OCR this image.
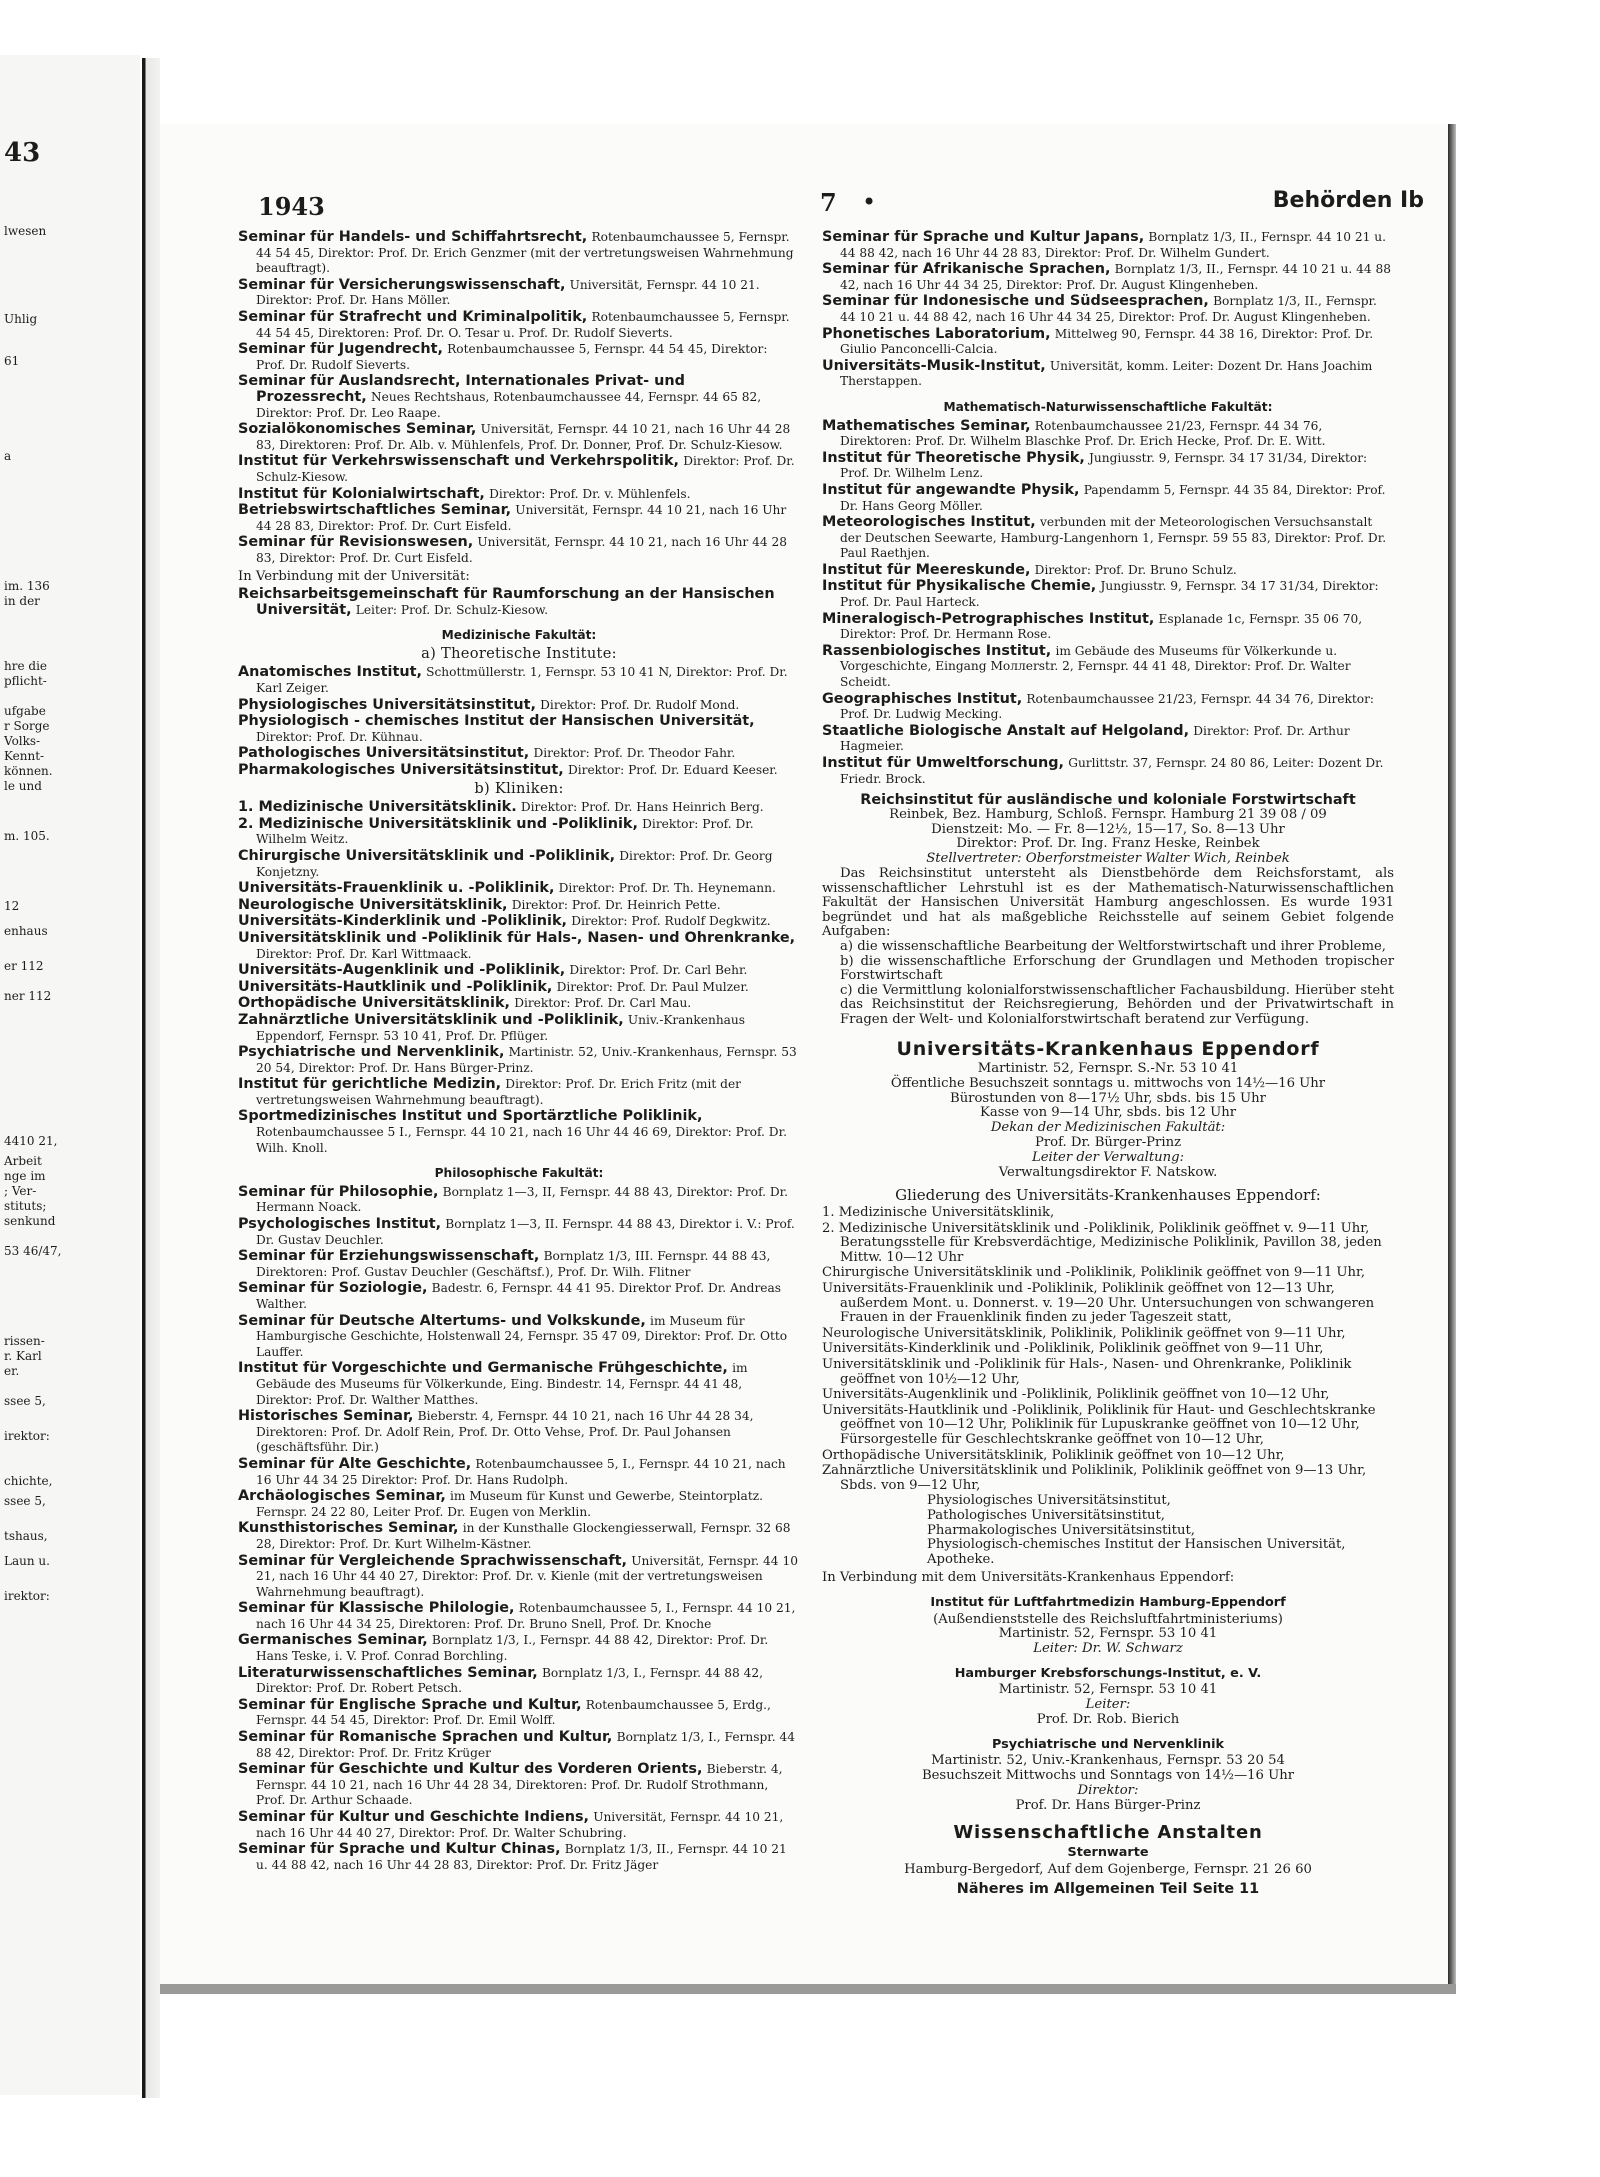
43
lwesen
Uhlig
61
a
im. 136
in der
hre die
pflicht-
ufgabe
r Sorge
Volks-
Kennt-
können.
le und
m. 105.
12
enhaus
er 112
ner 112
4410 21,
Arbeit
nge im
; Ver-
stituts;
senkund
53 46/47,
rissen-
r. Karl
er.
ssee 5,
irektor:
chichte,
ssee 5,
tshaus,
Laun u.
irektor:
1943	7 •	Behörden Ib

Seminar für Handels- und Schiffahrtsrecht, Rotenbaumchaussee 5, Fernspr. 44 54 45, Direktor: Prof. Dr. Erich Genzmer (mit der vertretungsweisen Wahrnehmung beauftragt).

Seminar für Versicherungswissenschaft, Universität, Fernspr. 44 10 21. Direktor: Prof. Dr. Hans Möller.

Seminar für Strafrecht und Kriminalpolitik, Rotenbaumchaussee 5, Fernspr. 44 54 45, Direktoren: Prof. Dr. O. Tesar u. Prof. Dr. Rudolf Sieverts.

Seminar für Jugendrecht, Rotenbaumchaussee 5, Fernspr. 44 54 45, Direktor: Prof. Dr. Rudolf Sieverts.

Seminar für Auslandsrecht, Internationales Privat- und Prozessrecht, Neues Rechtshaus, Rotenbaumchaussee 44, Fernspr. 44 65 82, Direktor: Prof. Dr. Leo Raape.

Sozialökonomisches Seminar, Universität, Fernspr. 44 10 21, nach 16 Uhr 44 28 83, Direktoren: Prof. Dr. Alb. v. Mühlenfels, Prof. Dr. Donner, Prof. Dr. Schulz-Kiesow.

Institut für Verkehrswissenschaft und Verkehrspolitik, Direktor: Prof. Dr. Schulz-Kiesow.

Institut für Kolonialwirtschaft, Direktor: Prof. Dr. v. Mühlenfels.

Betriebswirtschaftliches Seminar, Universität, Fernspr. 44 10 21, nach 16 Uhr 44 28 83, Direktor: Prof. Dr. Curt Eisfeld.

Seminar für Revisionswesen, Universität, Fernspr. 44 10 21, nach 16 Uhr 44 28 83, Direktor: Prof. Dr. Curt Eisfeld.

In Verbindung mit der Universität:

Reichsarbeitsgemeinschaft für Raumforschung an der Hansischen Universität, Leiter: Prof. Dr. Schulz-Kiesow.

Medizinische Fakultät:
a) Theoretische Institute:

Anatomisches Institut, Schottmüllerstr. 1, Fernspr. 53 10 41 N, Direktor: Prof. Dr. Karl Zeiger.

Physiologisches Universitätsinstitut, Direktor: Prof. Dr. Rudolf Mond.

Physiologisch - chemisches Institut der Hansischen Universität, Direktor: Prof. Dr. Kühnau.

Pathologisches Universitätsinstitut, Direktor: Prof. Dr. Theodor Fahr.

Pharmakologisches Universitätsinstitut, Direktor: Prof. Dr. Eduard Keeser.

b) Kliniken:

1. Medizinische Universitätsklinik. Direktor: Prof. Dr. Hans Heinrich Berg.

2. Medizinische Universitätsklinik und -Poliklinik, Direktor: Prof. Dr. Wilhelm Weitz.

Chirurgische Universitätsklinik und -Poliklinik, Direktor: Prof. Dr. Georg Konjetzny.

Universitäts-Frauenklinik u. -Poliklinik, Direktor: Prof. Dr. Th. Heynemann.

Neurologische Universitätsklinik, Direktor: Prof. Dr. Heinrich Pette.

Universitäts-Kinderklinik und -Poliklinik, Direktor: Prof. Rudolf Degkwitz.

Universitätsklinik und -Poliklinik für Hals-, Nasen- und Ohrenkranke, Direktor: Prof. Dr. Karl Wittmaack.

Universitäts-Augenklinik und -Poliklinik, Direktor: Prof. Dr. Carl Behr.

Universitäts-Hautklinik und -Poliklinik, Direktor: Prof. Dr. Paul Mulzer.

Orthopädische Universitätsklinik, Direktor: Prof. Dr. Carl Mau.

Zahnärztliche Universitätsklinik und -Poliklinik, Univ.-Krankenhaus Eppendorf, Fernspr. 53 10 41, Prof. Dr. Pflüger.

Psychiatrische und Nervenklinik, Martinistr. 52, Univ.-Krankenhaus, Fernspr. 53 20 54, Direktor: Prof. Dr. Hans Bürger-Prinz.

Institut für gerichtliche Medizin, Direktor: Prof. Dr. Erich Fritz (mit der vertretungsweisen Wahrnehmung beauftragt).

Sportmedizinisches Institut und Sportärztliche Poliklinik, Rotenbaumchaussee 5 I., Fernspr. 44 10 21, nach 16 Uhr 44 46 69, Direktor: Prof. Dr. Wilh. Knoll.

Philosophische Fakultät:

Seminar für Philosophie, Bornplatz 1—3, II, Fernspr. 44 88 43, Direktor: Prof. Dr. Hermann Noack.

Psychologisches Institut, Bornplatz 1—3, II. Fernspr. 44 88 43, Direktor i. V.: Prof. Dr. Gustav Deuchler.

Seminar für Erziehungswissenschaft, Bornplatz 1/3, III. Fernspr. 44 88 43, Direktoren: Prof. Gustav Deuchler (Geschäftsf.), Prof. Dr. Wilh. Flitner

Seminar für Soziologie, Badestr. 6, Fernspr. 44 41 95. Direktor Prof. Dr. Andreas Walther.

Seminar für Deutsche Altertums- und Volkskunde, im Museum für Hamburgische Geschichte, Holstenwall 24, Fernspr. 35 47 09, Direktor: Prof. Dr. Otto Lauffer.

Institut für Vorgeschichte und Germanische Frühgeschichte, im Gebäude des Museums für Völkerkunde, Eing. Bindestr. 14, Fernspr. 44 41 48, Direktor: Prof. Dr. Walther Matthes.

Historisches Seminar, Bieberstr. 4, Fernspr. 44 10 21, nach 16 Uhr 44 28 34, Direktoren: Prof. Dr. Adolf Rein, Prof. Dr. Otto Vehse, Prof. Dr. Paul Johansen (geschäftsführ. Dir.)

Seminar für Alte Geschichte, Rotenbaumchaussee 5, I., Fernspr. 44 10 21, nach 16 Uhr 44 34 25 Direktor: Prof. Dr. Hans Rudolph.

Archäologisches Seminar, im Museum für Kunst und Gewerbe, Steintorplatz. Fernspr. 24 22 80, Leiter Prof. Dr. Eugen von Merklin.

Kunsthistorisches Seminar, in der Kunsthalle Glockengiesserwall, Fernspr. 32 68 28, Direktor: Prof. Dr. Kurt Wilhelm-Kästner.

Seminar für Vergleichende Sprachwissenschaft, Universität, Fernspr. 44 10 21, nach 16 Uhr 44 40 27, Direktor: Prof. Dr. v. Kienle (mit der vertretungsweisen Wahrnehmung beauftragt).

Seminar für Klassische Philologie, Rotenbaumchaussee 5, I., Fernspr. 44 10 21, nach 16 Uhr 44 34 25, Direktoren: Prof. Dr. Bruno Snell, Prof. Dr. Knoche

Germanisches Seminar, Bornplatz 1/3, I., Fernspr. 44 88 42, Direktor: Prof. Dr. Hans Teske, i. V. Prof. Conrad Borchling.

Literaturwissenschaftliches Seminar, Bornplatz 1/3, I., Fernspr. 44 88 42, Direktor: Prof. Dr. Robert Petsch.

Seminar für Englische Sprache und Kultur, Rotenbaumchaussee 5, Erdg., Fernspr. 44 54 45, Direktor: Prof. Dr. Emil Wolff.

Seminar für Romanische Sprachen und Kultur, Bornplatz 1/3, I., Fernspr. 44 88 42, Direktor: Prof. Dr. Fritz Krüger

Seminar für Geschichte und Kultur des Vorderen Orients, Bieberstr. 4, Fernspr. 44 10 21, nach 16 Uhr 44 28 34, Direktoren: Prof. Dr. Rudolf Strothmann, Prof. Dr. Arthur Schaade.

Seminar für Kultur und Geschichte Indiens, Universität, Fernspr. 44 10 21, nach 16 Uhr 44 40 27, Direktor: Prof. Dr. Walter Schubring.

Seminar für Sprache und Kultur Chinas, Bornplatz 1/3, II., Fernspr. 44 10 21 u. 44 88 42, nach 16 Uhr 44 28 83, Direktor: Prof. Dr. Fritz Jäger

Seminar für Sprache und Kultur Japans, Bornplatz 1/3, II., Fernspr. 44 10 21 u. 44 88 42, nach 16 Uhr 44 28 83, Direktor: Prof. Dr. Wilhelm Gundert.

Seminar für Afrikanische Sprachen, Bornplatz 1/3, II., Fernspr. 44 10 21 u. 44 88 42, nach 16 Uhr 44 34 25, Direktor: Prof. Dr. August Klingenheben.

Seminar für Indonesische und Südseesprachen, Bornplatz 1/3, II., Fernspr. 44 10 21 u. 44 88 42, nach 16 Uhr 44 34 25, Direktor: Prof. Dr. August Klingenheben.

Phonetisches Laboratorium, Mittelweg 90, Fernspr. 44 38 16, Direktor: Prof. Dr. Giulio Panconcelli-Calcia.

Universitäts-Musik-Institut, Universität, komm. Leiter: Dozent Dr. Hans Joachim Therstappen.

Mathematisch-Naturwissenschaftliche Fakultät:

Mathematisches Seminar, Rotenbaumchaussee 21/23, Fernspr. 44 34 76, Direktoren: Prof. Dr. Wilhelm Blaschke Prof. Dr. Erich Hecke, Prof. Dr. E. Witt.

Institut für Theoretische Physik, Jungiusstr. 9, Fernspr. 34 17 31/34, Direktor: Prof. Dr. Wilhelm Lenz.

Institut für angewandte Physik, Papendamm 5, Fernspr. 44 35 84, Direktor: Prof. Dr. Hans Georg Möller.

Meteorologisches Institut, verbunden mit der Meteorologischen Versuchsanstalt der Deutschen Seewarte, Hamburg-Langenhorn 1, Fernspr. 59 55 83, Direktor: Prof. Dr. Paul Raethjen.

Institut für Meereskunde, Direktor: Prof. Dr. Bruno Schulz.

Institut für Physikalische Chemie, Jungiusstr. 9, Fernspr. 34 17 31/34, Direktor: Prof. Dr. Paul Harteck.

Mineralogisch-Petrographisches Institut, Esplanade 1c, Fernspr. 35 06 70, Direktor: Prof. Dr. Hermann Rose.

Rassenbiologisches Institut, im Gebäude des Museums für Völkerkunde u. Vorgeschichte, Eingang Moллerstr. 2, Fernspr. 44 41 48, Direktor: Prof. Dr. Walter Scheidt.

Geographisches Institut, Rotenbaumchaussee 21/23, Fernspr. 44 34 76, Direktor: Prof. Dr. Ludwig Mecking.

Staatliche Biologische Anstalt auf Helgoland, Direktor: Prof. Dr. Arthur Hagmeier.

Institut für Umweltforschung, Gurlittstr. 37, Fernspr. 24 80 86, Leiter: Dozent Dr. Friedr. Brock.

Reichsinstitut für ausländische und koloniale Forstwirtschaft
Reinbek, Bez. Hamburg, Schloß. Fernspr. Hamburg 21 39 08 / 09
Dienstzeit: Mo. — Fr. 8—12½, 15—17, So. 8—13 Uhr
Direktor: Prof. Dr. Ing. Franz Heske, Reinbek
Stellvertreter: Oberforstmeister Walter Wich, Reinbek
Das Reichsinstitut untersteht als Dienstbehörde dem Reichsforstamt, als wissenschaftlicher Lehrstuhl ist es der Mathematisch-Naturwissenschaftlichen Fakultät der Hansischen Universität Hamburg angeschlossen. Es wurde 1931 begründet und hat als maßgebliche Reichsstelle auf seinem Gebiet folgende Aufgaben:
a) die wissenschaftliche Bearbeitung der Weltforstwirtschaft und ihrer Probleme,
b) die wissenschaftliche Erforschung der Grundlagen und Methoden tropischer Forstwirtschaft
c) die Vermittlung kolonialforstwissenschaftlicher Fachausbildung. Hierüber steht das Reichsinstitut der Reichsregierung, Behörden und der Privatwirtschaft in Fragen der Welt- und Kolonialforstwirtschaft beratend zur Verfügung.
Universitäts-Krankenhaus Eppendorf
Martinistr. 52, Fernspr. S.-Nr. 53 10 41
Öffentliche Besuchszeit sonntags u. mittwochs von 14½—16 Uhr
Bürostunden von 8—17½ Uhr, sbds. bis 15 Uhr
Kasse von 9—14 Uhr, sbds. bis 12 Uhr
Dekan der Medizinischen Fakultät:
Prof. Dr. Bürger-Prinz
Leiter der Verwaltung:
Verwaltungsdirektor F. Natskow.
Gliederung des Universitäts-Krankenhauses Eppendorf:
1. Medizinische Universitätsklinik,
2. Medizinische Universitätsklinik und -Poliklinik, Poliklinik geöffnet v. 9—11 Uhr, Beratungsstelle für Krebsverdächtige, Medizinische Poliklinik, Pavillon 38, jeden Mittw. 10—12 Uhr
Chirurgische Universitätsklinik und -Poliklinik, Poliklinik geöffnet von 9—11 Uhr,
Universitäts-Frauenklinik und -Poliklinik, Poliklinik geöffnet von 12—13 Uhr, außerdem Mont. u. Donnerst. v. 19—20 Uhr. Untersuchungen von schwangeren Frauen in der Frauenklinik finden zu jeder Tageszeit statt,
Neurologische Universitätsklinik, Poliklinik, Poliklinik geöffnet von 9—11 Uhr,
Universitäts-Kinderklinik und -Poliklinik, Poliklinik geöffnet von 9—11 Uhr,
Universitätsklinik und -Poliklinik für Hals-, Nasen- und Ohrenkranke, Poliklinik geöffnet von 10½—12 Uhr,
Universitäts-Augenklinik und -Poliklinik, Poliklinik geöffnet von 10—12 Uhr,
Universitäts-Hautklinik und -Poliklinik, Poliklinik für Haut- und Geschlechtskranke geöffnet von 10—12 Uhr, Poliklinik für Lupuskranke geöffnet von 10—12 Uhr, Fürsorgestelle für Geschlechtskranke geöffnet von 10—12 Uhr,
Orthopädische Universitätsklinik, Poliklinik geöffnet von 10—12 Uhr,
Zahnärztliche Universitätsklinik und Poliklinik, Poliklinik geöffnet von 9—13 Uhr, Sbds. von 9—12 Uhr,
Physiologisches Universitätsinstitut,
Pathologisches Universitätsinstitut,
Pharmakologisches Universitätsinstitut,
Physiologisch-chemisches Institut der Hansischen Universität,
Apotheke.
In Verbindung mit dem Universitäts-Krankenhaus Eppendorf:
Institut für Luftfahrtmedizin Hamburg-Eppendorf
(Außendienststelle des Reichsluftfahrtministeriums)
Martinistr. 52, Fernspr. 53 10 41
Leiter: Dr. W. Schwarz
Hamburger Krebsforschungs-Institut, e. V.
Martinistr. 52, Fernspr. 53 10 41
Leiter:
Prof. Dr. Rob. Bierich
Psychiatrische und Nervenklinik
Martinistr. 52, Univ.-Krankenhaus, Fernspr. 53 20 54
Besuchszeit Mittwochs und Sonntags von 14½—16 Uhr
Direktor:
Prof. Dr. Hans Bürger-Prinz
Wissenschaftliche Anstalten
Sternwarte
Hamburg-Bergedorf, Auf dem Gojenberge, Fernspr. 21 26 60
Näheres im Allgemeinen Teil Seite 11
